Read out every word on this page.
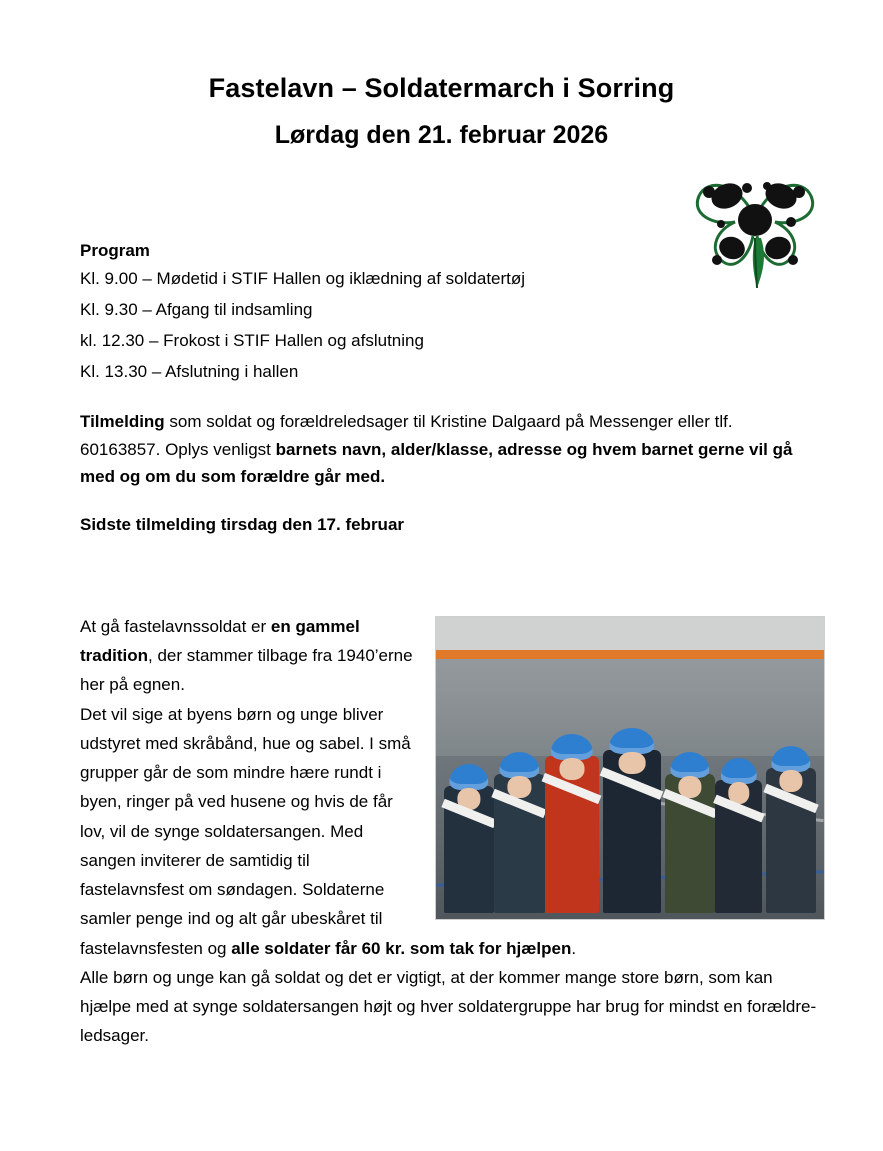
Fastelavn – Soldatermarch i Sorring
Lørdag den 21. februar 2026
Program
Kl. 9.00 – Mødetid i STIF Hallen og iklædning af soldatertøj
Kl. 9.30 – Afgang til indsamling
kl. 12.30 – Frokost i STIF Hallen og afslutning
Kl. 13.30 – Afslutning i hallen
Tilmelding som soldat og forældreledsager til Kristine Dalgaard på Messenger eller tlf. 60163857. Oplys venligst barnets navn, alder/klasse, adresse og hvem barnet gerne vil gå med og om du som forældre går med.
Sidste tilmelding tirsdag den 17. februar

At gå fastelavnssoldat er en gammel tradition, der stammer tilbage fra 1940’erne her på egnen.

Det vil sige at byens børn og unge bliver udstyret med skråbånd, hue og sabel. I små grupper går de som mindre hære rundt i byen, ringer på ved husene og hvis de får lov, vil de synge soldatersangen. Med sangen inviterer de samtidig til fastelavnsfest om søndagen. Soldaterne samler penge ind og alt går ubeskåret til fastelavnsfesten og alle soldater får 60 kr. som tak for hjælpen.

Alle børn og unge kan gå soldat og det er vigtigt, at der kommer mange store børn, som kan hjælpe med at synge soldatersangen højt og hver soldatergruppe har brug for mindst en forældre-ledsager.
